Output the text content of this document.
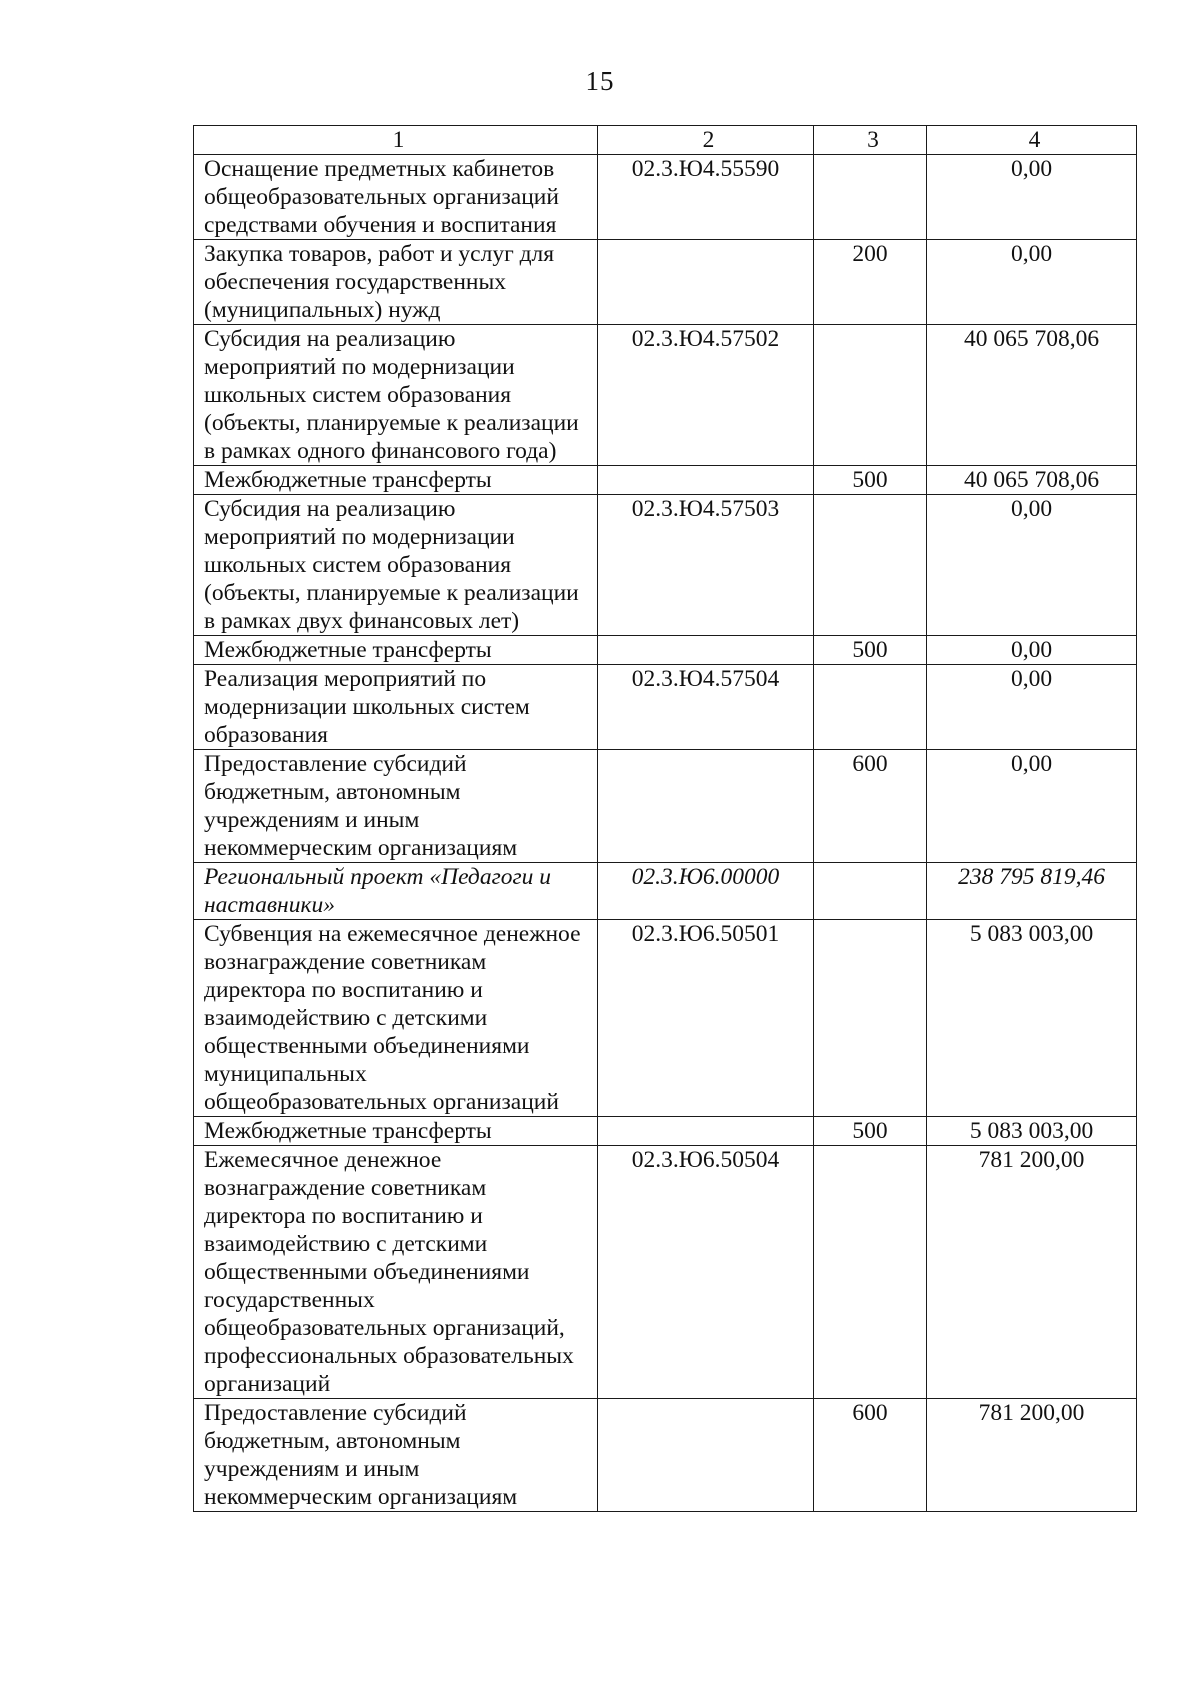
15
1	2	3	4
Оснащение предметных кабинетов общеобразовательных организаций средствами обучения и воспитания	02.3.Ю4.55590		0,00
Закупка товаров, работ и услуг для обеспечения государственных (муниципальных) нужд		200	0,00
Субсидия на реализацию мероприятий по модернизации школьных систем образования (объекты, планируемые к реализации в рамках одного финансового года)	02.3.Ю4.57502		40 065 708,06
Межбюджетные трансферты		500	40 065 708,06
Субсидия на реализацию мероприятий по модернизации школьных систем образования (объекты, планируемые к реализации в рамках двух финансовых лет)	02.3.Ю4.57503		0,00
Межбюджетные трансферты		500	0,00
Реализация мероприятий по модернизации школьных систем образования	02.3.Ю4.57504		0,00
Предоставление субсидий бюджетным, автономным учреждениям и иным некоммерческим организациям		600	0,00
Региональный проект «Педагоги и наставники»	02.3.Ю6.00000		238 795 819,46
Субвенция на ежемесячное денежное вознаграждение советникам директора по воспитанию и взаимодействию с детскими общественными объединениями муниципальных общеобразовательных организаций	02.3.Ю6.50501		5 083 003,00
Межбюджетные трансферты		500	5 083 003,00
Ежемесячное денежное вознаграждение советникам директора по воспитанию и взаимодействию с детскими общественными объединениями государственных общеобразовательных организаций, профессиональных образовательных организаций	02.3.Ю6.50504		781 200,00
Предоставление субсидий бюджетным, автономным учреждениям и иным некоммерческим организациям		600	781 200,00
